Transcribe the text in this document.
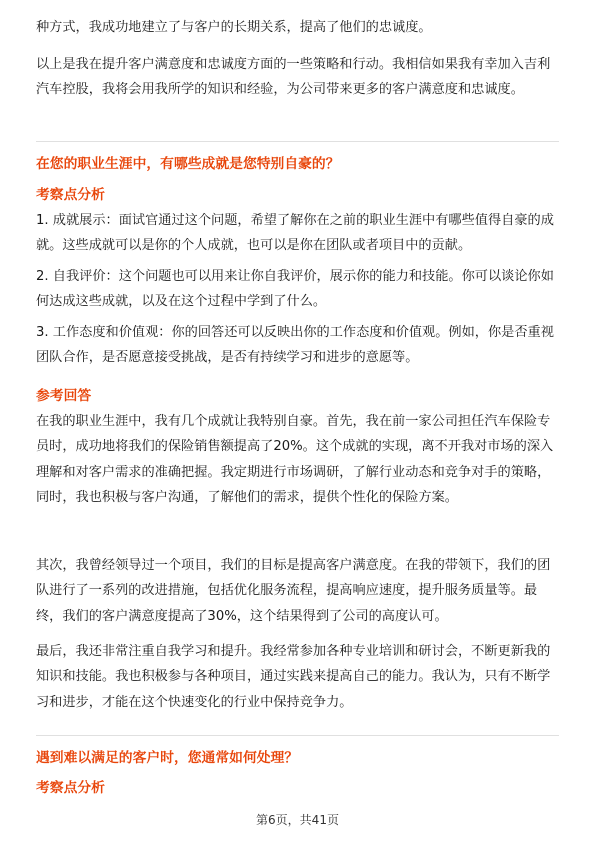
种方式，我成功地建立了与客户的长期关系，提高了他们的忠诚度。

以上是我在提升客户满意度和忠诚度方面的一些策略和行动。我相信如果我有幸加入吉利汽车控股，我将会用我所学的知识和经验，为公司带来更多的客户满意度和忠诚度。

在您的职业生涯中，有哪些成就是您特别自豪的？

考察点分析

1. 成就展示：面试官通过这个问题，希望了解你在之前的职业生涯中有哪些值得自豪的成就。这些成就可以是你的个人成就，也可以是你在团队或者项目中的贡献。

2. 自我评价：这个问题也可以用来让你自我评价，展示你的能力和技能。你可以谈论你如何达成这些成就，以及在这个过程中学到了什么。

3. 工作态度和价值观：你的回答还可以反映出你的工作态度和价值观。例如，你是否重视团队合作，是否愿意接受挑战，是否有持续学习和进步的意愿等。

参考回答

在我的职业生涯中，我有几个成就让我特别自豪。首先，我在前一家公司担任汽车保险专员时，成功地将我们的保险销售额提高了20%。这个成就的实现，离不开我对市场的深入理解和对客户需求的准确把握。我定期进行市场调研，了解行业动态和竞争对手的策略，同时，我也积极与客户沟通，了解他们的需求，提供个性化的保险方案。

其次，我曾经领导过一个项目，我们的目标是提高客户满意度。在我的带领下，我们的团队进行了一系列的改进措施，包括优化服务流程，提高响应速度，提升服务质量等。最终，我们的客户满意度提高了30%，这个结果得到了公司的高度认可。

最后，我还非常注重自我学习和提升。我经常参加各种专业培训和研讨会，不断更新我的知识和技能。我也积极参与各种项目，通过实践来提高自己的能力。我认为，只有不断学习和进步，才能在这个快速变化的行业中保持竞争力。

遇到难以满足的客户时，您通常如何处理？

考察点分析

第6页，共41页
